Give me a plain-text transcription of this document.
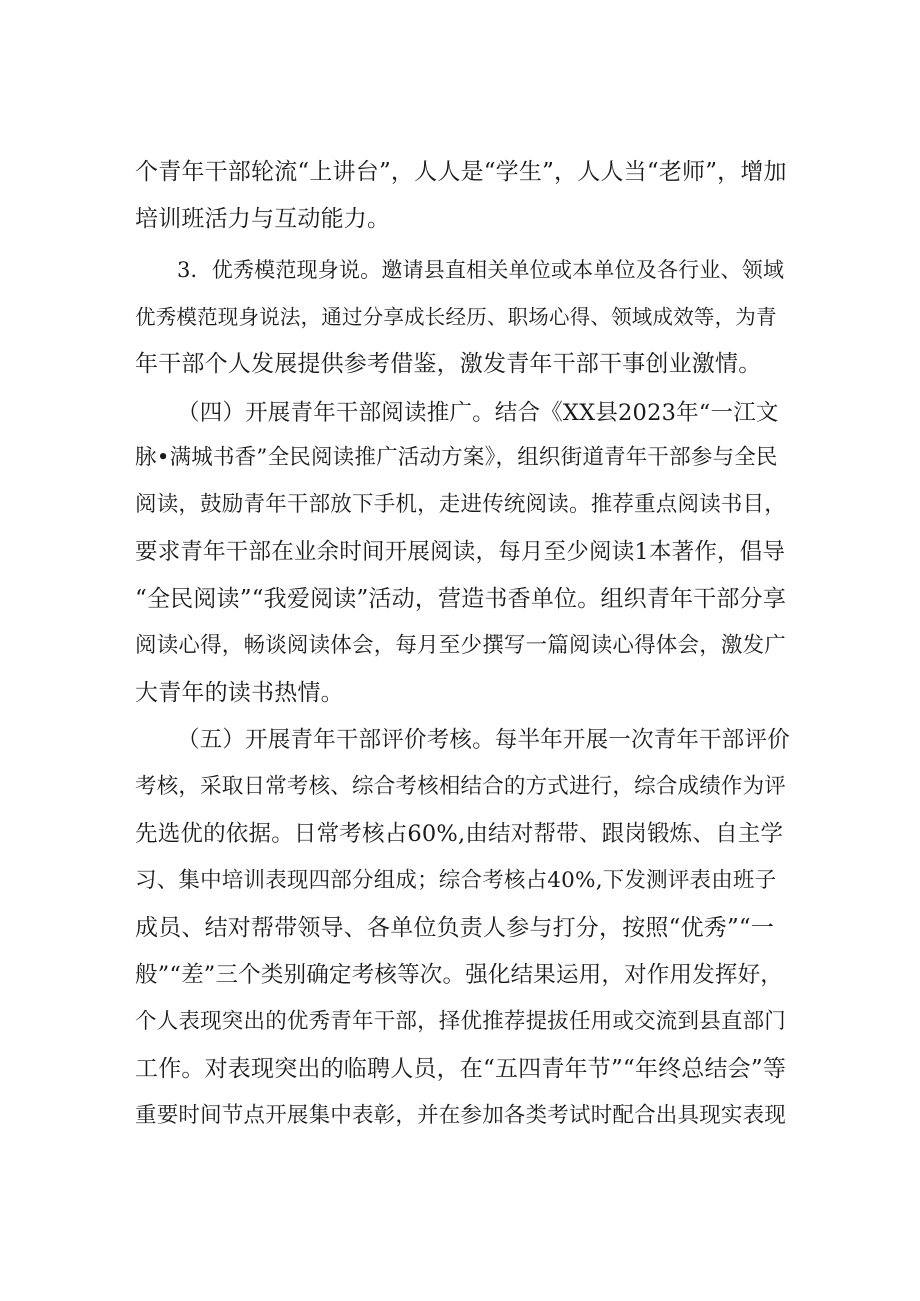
个青年干部轮流“上讲台”，人人是“学生”，人人当“老师”，增加

培训班活力与互动能力。

3．优秀模范现身说。邀请县直相关单位或本单位及各行业、领域

优秀模范现身说法，通过分享成长经历、职场心得、领域成效等，为青

年干部个人发展提供参考借鉴，激发青年干部干事创业激情。

（四）开展青年干部阅读推广。结合《XX县2023年“一江文

脉•满城书香”全民阅读推广活动方案》，组织街道青年干部参与全民

阅读，鼓励青年干部放下手机，走进传统阅读。推荐重点阅读书目，

要求青年干部在业余时间开展阅读，每月至少阅读1本著作，倡导

“全民阅读”“我爱阅读”活动，营造书香单位。组织青年干部分享

阅读心得，畅谈阅读体会，每月至少撰写一篇阅读心得体会，激发广

大青年的读书热情。

（五）开展青年干部评价考核。每半年开展一次青年干部评价

考核，采取日常考核、综合考核相结合的方式进行，综合成绩作为评

先选优的依据。日常考核占60%,由结对帮带、跟岗锻炼、自主学

习、集中培训表现四部分组成；综合考核占40%,下发测评表由班子

成员、结对帮带领导、各单位负责人参与打分，按照“优秀”“一

般”“差”三个类别确定考核等次。强化结果运用，对作用发挥好，

个人表现突出的优秀青年干部，择优推荐提拔任用或交流到县直部门

工作。对表现突出的临聘人员，在“五四青年节”“年终总结会”等

重要时间节点开展集中表彰，并在参加各类考试时配合出具现实表现
